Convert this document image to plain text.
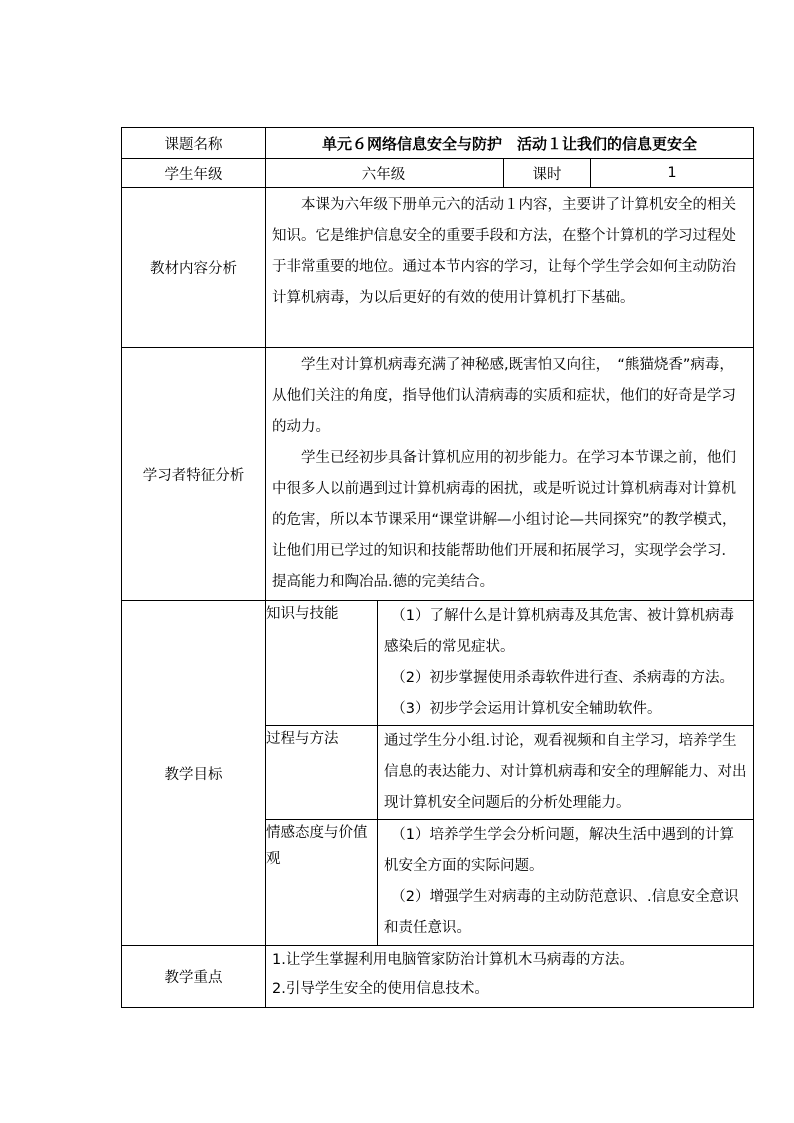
课题名称	单元６网络信息安全与防护　活动１让我们的信息更安全		
学生年级	六年级		课时 1

教材内容分析	本课为六年级下册单元六的活动１内容，主要讲了计算机安全的相关知识。它是维护信息安全的重要手段和方法，在整个计算机的学习过程处于非常重要的地位。通过本节内容的学习，让每个学生学会如何主动防治计算机病毒，为以后更好的有效的使用计算机打下基础。		

学习者特征分析	学生对计算机病毒充满了神秘感,既害怕又向往，　“熊猫烧香”病毒，从他们关注的角度，指导他们认清病毒的实质和症状，他们的好奇是学习的动力。

学生已经初步具备计算机应用的初步能力。在学习本节课之前，他们中很多人以前遇到过计算机病毒的困扰，或是听说过计算机病毒对计算机的危害，所以本节课采用“课堂讲解—小组讨论—共同探究”的教学模式，让他们用已学过的知识和技能帮助他们开展和拓展学习，实现学会学习．提高能力和陶冶品.德的完美结合。		

教学目标	知识与技能	（1）了解什么是计算机病毒及其危害、被计算机病毒感染后的常见症状。

（2）初步掌握使用杀毒软件进行查、杀病毒的方法。

（3）初步学会运用计算机安全辅助软件。	

	过程与方法	通过学生分小组.讨论，观看视频和自主学习，培养学生信息的表达能力、对计算机病毒和安全的理解能力、对出现计算机安全问题后的分析处理能力。	

	情感态度与价值观	（1）培养学生学会分析问题，解决生活中遇到的计算机安全方面的实际问题。

（2）增强学生对病毒的主动防范意识、.信息安全意识和责任意识。	

教学重点	1.让学生掌握利用电脑管家防治计算机木马病毒的方法。

2.引导学生安全的使用信息技术。		
